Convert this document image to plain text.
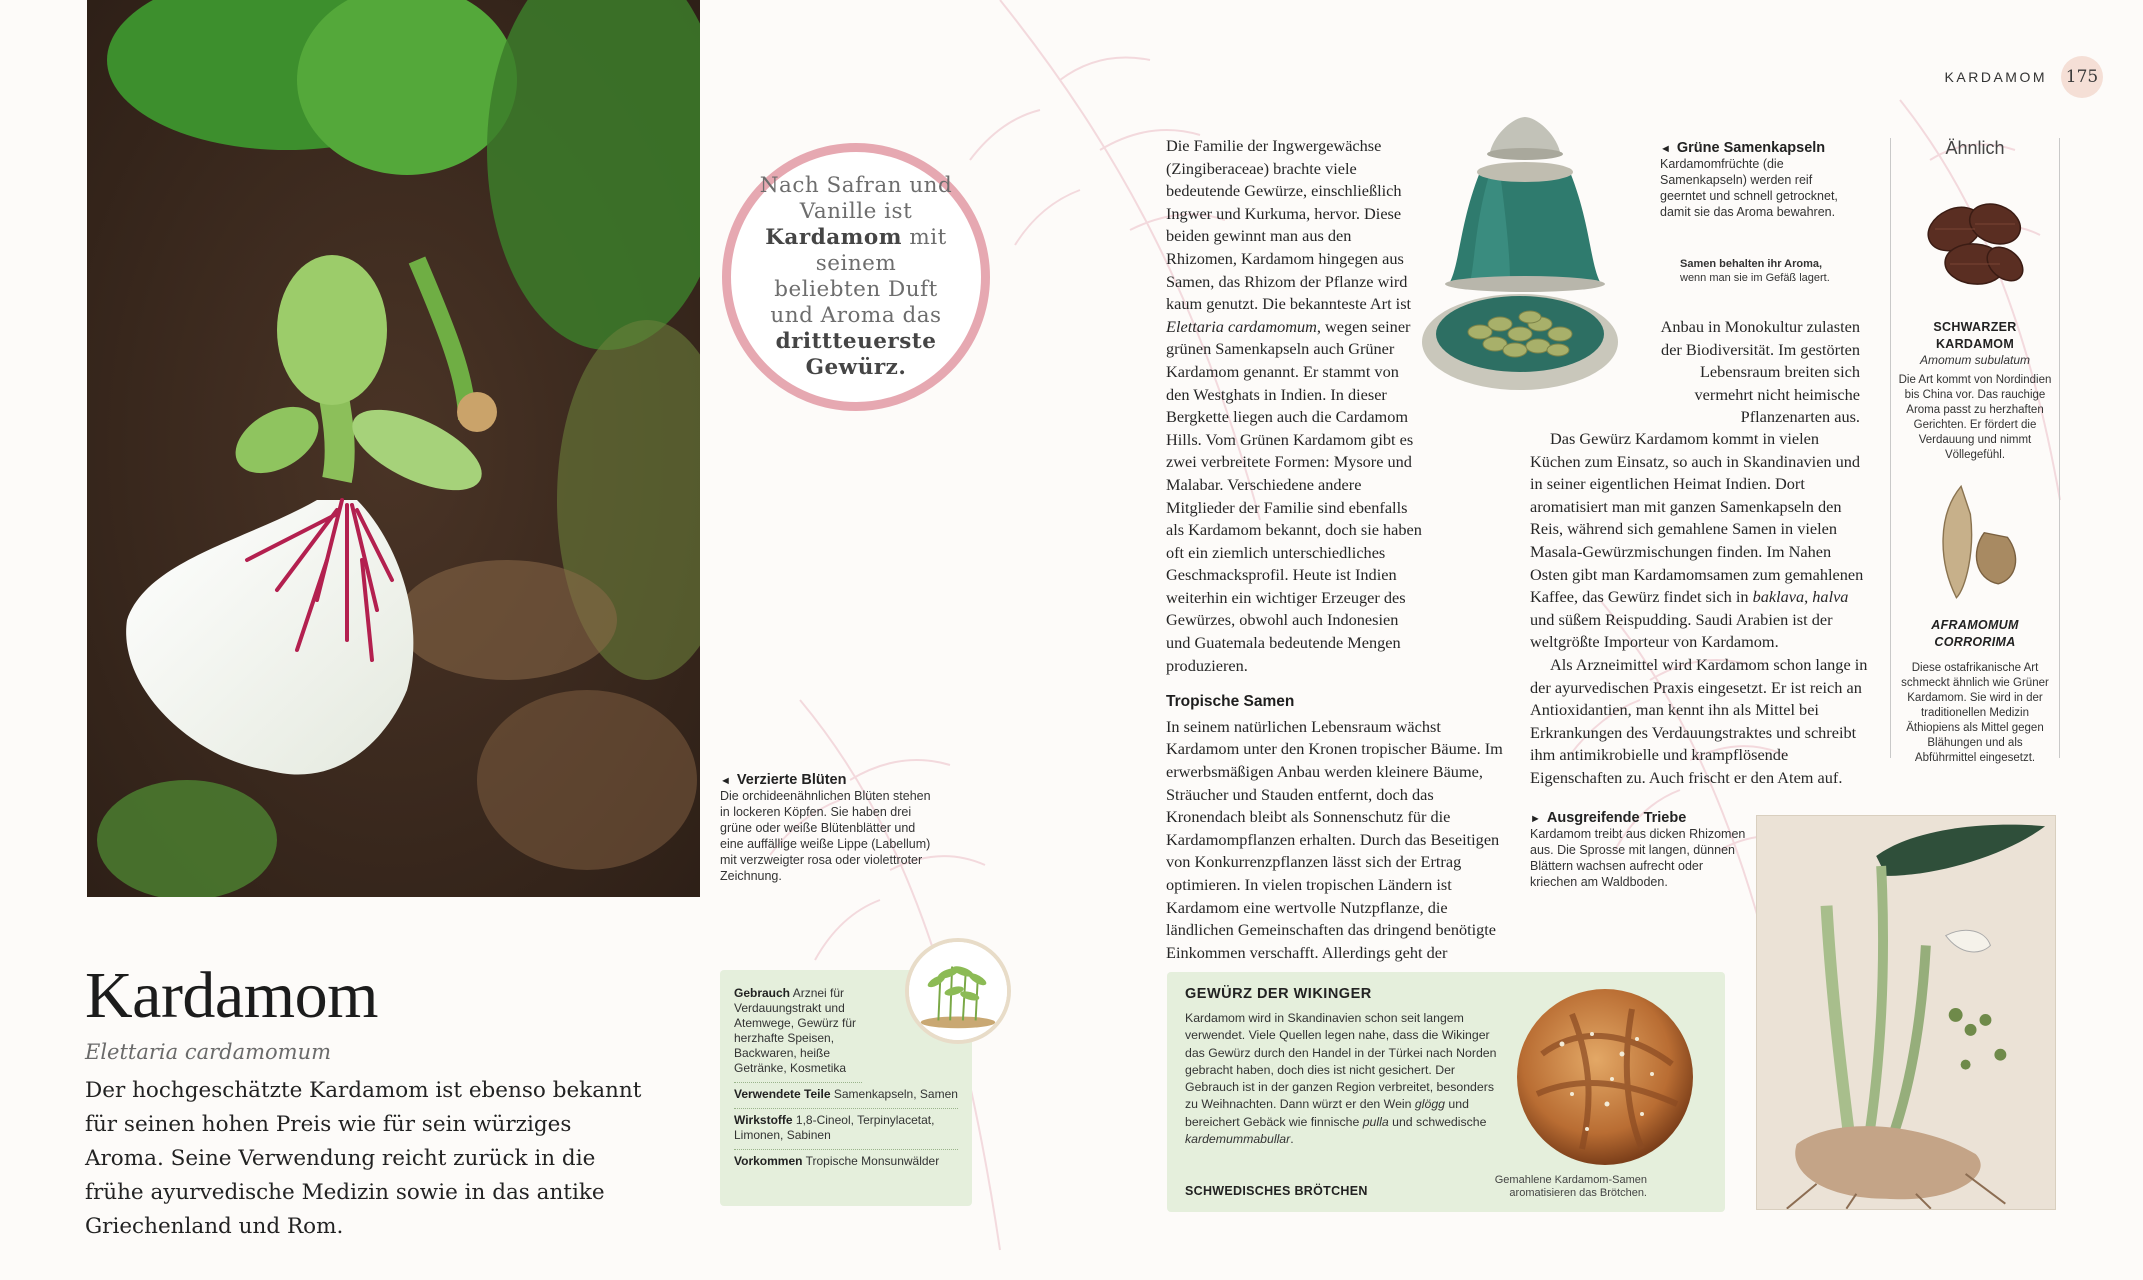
Nach Safran und Vanille ist Kardamom mit seinem beliebten Duft und Aroma das drittteuerste Gewürz.

◄ Verzierte Blüten
Die orchideenähnlichen Blüten stehen in lockeren Köpfen. Sie haben drei grüne oder weiße Blütenblätter und eine auffällige weiße Lippe (Labellum) mit verzweigter rosa oder violettroter Zeichnung.
Kardamom
Elettaria cardamomum
Der hochgeschätzte Kardamom ist ebenso bekannt für seinen hohen Preis wie für sein würziges Aroma. Seine Verwendung reicht zurück in die frühe ayurvedische Medizin sowie in das antike Griechenland und Rom.
Gebrauch Arznei für Verdauungstrakt und Atemwege, Gewürz für herzhafte Speisen, Backwaren, heiße Getränke, Kosmetika
Verwendete Teile Samenkapseln, Samen
Wirkstoffe 1,8-Cineol, Terpinylacetat, Limonen, Sabinen
Vorkommen Tropische Monsunwälder
KARDAMOM 175

Die Familie der Ingwergewächse (Zingiberaceae) brachte viele bedeutende Gewürze, einschließlich Ingwer und Kurkuma, hervor. Diese beiden gewinnt man aus den Rhizomen, Kardamom hingegen aus Samen, das Rhizom der Pflanze wird kaum genutzt. Die bekannteste Art ist Elettaria cardamomum, wegen seiner grünen Samenkapseln auch Grüner Kardamom genannt. Er stammt von den Westghats in Indien. In dieser Bergkette liegen auch die Cardamom Hills. Vom Grünen Kardamom gibt es zwei verbreitete Formen: Mysore und Malabar. Verschiedene andere Mitglieder der Familie sind ebenfalls als Kardamom bekannt, doch sie haben oft ein ziemlich unterschiedliches Geschmacksprofil. Heute ist Indien weiterhin ein wichtiger Erzeuger des Gewürzes, obwohl auch Indonesien und Guatemala bedeutende Mengen produzieren.

Tropische Samen

In seinem natürlichen Lebensraum wächst Kardamom unter den Kronen tropischer Bäume. Im erwerbsmäßigen Anbau werden kleinere Bäume, Sträucher und Stauden entfernt, doch das Kronendach bleibt als Sonnenschutz für die Kardamompflanzen erhalten. Durch das Beseitigen von Konkurrenzpflanzen lässt sich der Ertrag optimieren. In vielen tropischen Ländern ist Kardamom eine wertvolle Nutzpflanze, die ländlichen Gemeinschaften das dringend benötigte Einkommen verschafft. Allerdings geht der

Anbau in Monokultur zulasten der Biodiversität. Im gestörten Lebensraum breiten sich vermehrt nicht heimische Pflanzenarten aus.

Das Gewürz Kardamom kommt in vielen Küchen zum Einsatz, so auch in Skandinavien und in seiner eigentlichen Heimat Indien. Dort aromatisiert man mit ganzen Samenkapseln den Reis, während sich gemahlene Samen in vielen Masala-Gewürzmischungen finden. Im Nahen Osten gibt man Kardamomsamen zum gemahlenen Kaffee, das Gewürz findet sich in baklava, halva und süßem Reispudding. Saudi Arabien ist der weltgrößte Importeur von Kardamom.

Als Arzneimittel wird Kardamom schon lange in der ayurvedischen Praxis eingesetzt. Er ist reich an Antioxidantien, man kennt ihn als Mittel bei Erkrankungen des Verdauungstraktes und schreibt ihm antimikrobielle und krampflösende Eigenschaften zu. Auch frischt er den Atem auf.

◄ Grüne Samenkapseln
Kardamomfrüchte (die Samenkapseln) werden reif geerntet und schnell getrocknet, damit sie das Aroma bewahren.
Samen behalten ihr Aroma,
wenn man sie im Gefäß lagert.
Ähnlich
SCHWARZER
KARDAMOM
Amomum subulatum
Die Art kommt von Nordindien bis China vor. Das rauchige Aroma passt zu herzhaften Gerichten. Er fördert die Verdauung und nimmt Völlegefühl.
AFRAMOMUM
CORRORIMA
Diese ostafrikanische Art schmeckt ähnlich wie Grüner Kardamom. Sie wird in der traditionellen Medizin Äthiopiens als Mittel gegen Blähungen und als Abführmittel eingesetzt.
► Ausgreifende Triebe
Kardamom treibt aus dicken Rhizomen aus. Die Sprosse mit langen, dünnen Blättern wachsen aufrecht oder kriechen am Waldboden.
GEWÜRZ DER WIKINGER
Kardamom wird in Skandinavien schon seit langem verwendet. Viele Quellen legen nahe, dass die Wikinger das Gewürz durch den Handel in der Türkei nach Norden gebracht haben, doch dies ist nicht gesichert. Der Gebrauch ist in der ganzen Region verbreitet, besonders zu Weihnachten. Dann würzt er den Wein glögg und bereichert Gebäck wie finnische pulla und schwedische kardemummabullar.
SCHWEDISCHES BRÖTCHEN
Gemahlene Kardamom-Samen aromatisieren das Brötchen.
